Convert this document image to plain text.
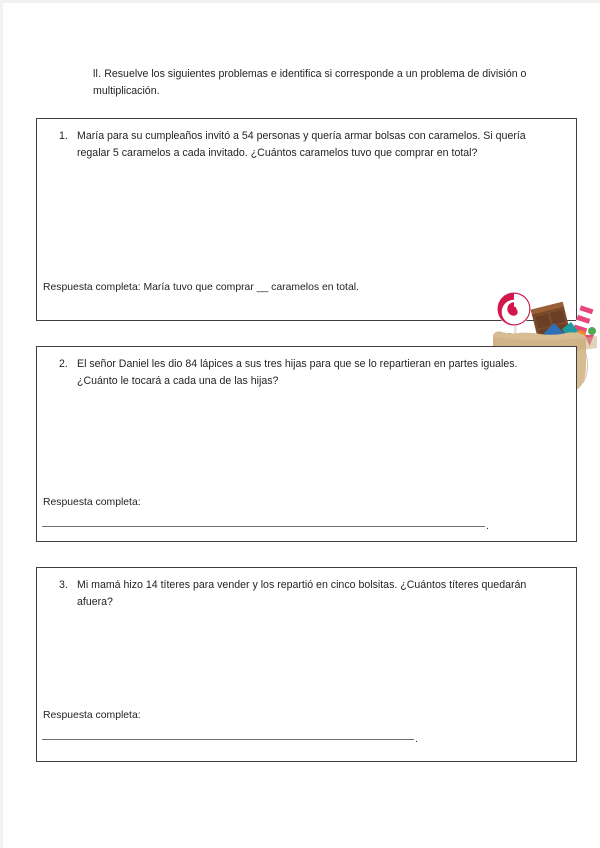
ll. Resuelve los siguientes problemas e identifica si corresponde a un problema de división o multiplicación.
1. María para su cumpleaños invitó a 54 personas y quería armar bolsas con caramelos. Si quería regalar 5 caramelos a cada invitado. ¿Cuántos caramelos tuvo que comprar en total?
Respuesta completa: María tuvo que comprar __ caramelos en total.
2. El señor Daniel les dio 84 lápices a sus tres hijas para que se lo repartieran en partes iguales. ¿Cuánto le tocará a cada una de las hijas?
Respuesta completa:
.
3. Mi mamá hizo 14 títeres para vender y los repartió en cinco bolsitas. ¿Cuántos títeres quedarán afuera?
Respuesta completa:
.
